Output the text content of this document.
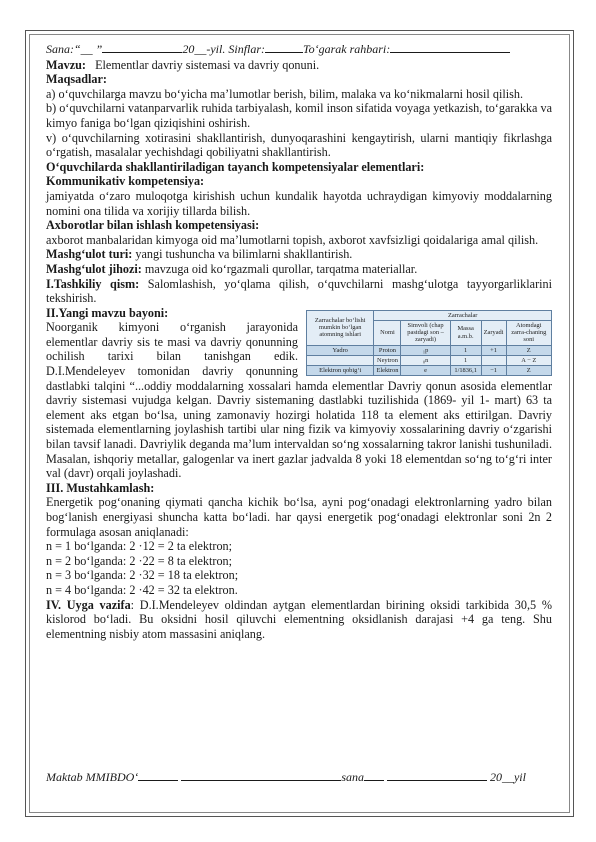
Sana:“__ ”	20__-yil. Sinflar:	To‘garak rahbari:

Mavzu: Elementlar davriy sistemasi va davriy qonuni.

Maqsadlar:

a) o‘quvchilarga mavzu bo‘yicha ma’lumotlar berish, bilim, malaka va ko‘nikmalarni hosil qilish.

b) o‘quvchilarni vatanparvarlik ruhida tarbiyalash, komil inson sifatida voyaga yetkazish, to‘garakka va kimyo faniga bo‘lgan qiziqishini oshirish.

v) o‘quvchilarning xotirasini shakllantirish, dunyoqarashini kengaytirish, ularni mantiqiy fikrlashga o‘rgatish, masalalar yechishdagi qobiliyatni shakllantirish.

O‘quvchilarda shakllantiriladigan tayanch kompetensiyalar elementlari:

Kommunikativ kompetensiya:

jamiyatda o‘zaro muloqotga kirishish uchun kundalik hayotda uchraydigan kimyoviy moddalarning nomini ona tilida va xorijiy tillarda bilish.

Axborotlar bilan ishlash kompetensiyasi:

axborot manbalaridan kimyoga oid ma’lumotlarni topish, axborot xavfsizligi qoidalariga amal qilish.

Mashg‘ulot turi: yangi tushuncha va bilimlarni shakllantirish.

Mashg‘ulot jihozi: mavzuga oid ko‘rgazmali qurollar, tarqatma materiallar.

I.Tashkiliy qism: Salomlashish, yo‘qlama qilish, o‘quvchilarni mashg‘ulotga tayyorgarliklarini tekshirish.

Zarrachalar bo‘lishi mumkin bo‘lgan atomning ishlari	Zarrachalar				
	Nomi	Simvoli (chap pastdagi son – zaryadi)	Massa a.m.b.	Zaryadi	Atomdagi zarra-chaning soni
Yadro	Proton	₁p	1	+1	Z
	Neytron	₀n	1		A − Z
Elektron qobig‘i	Elektron	e	1/1836,1	−1	Z

II.Yangi mavzu bayoni:

Noorganik kimyoni o‘rganish jarayonida elementlar davriy sis te masi va davriy qonunning ochilish tarixi bilan tanishgan edik. D.I.Mendeleyev tomonidan davriy qonunning dastlabki talqini “...oddiy moddalarning xossalari hamda elementlar Davriy qonun asosida elementlar davriy sistemasi vujudga kelgan. Davriy sistemaning dastlabki tuzilishida (1869- yil 1- mart) 63 ta element aks etgan bo‘lsa, uning zamonaviy hozirgi holatida 118 ta element aks ettirilgan. Davriy sistemada elementlarning joylashish tartibi ular ning fizik va kimyoviy xossalarining davriy o‘zgarishi bilan tavsif lanadi. Davriylik deganda ma’lum intervaldan so‘ng xossalarning takror lanishi tushuniladi. Masalan, ishqoriy metallar, galogenlar va inert gazlar jadvalda 8 yoki 18 elementdan so‘ng to‘g‘ri inter val (davr) orqali joylashadi.

III. Mustahkamlash:

Energetik pog‘onaning qiymati qancha kichik bo‘lsa, ayni pog‘onadagi elektronlarning yadro bilan bog‘lanish energiyasi shuncha katta bo‘ladi. har qaysi energetik pog‘onadagi elektronlar soni 2n 2 formulaga asosan aniqlanadi:

n = 1 bo‘lganda: 2 ·12 = 2 ta elektron;

n = 2 bo‘lganda: 2 ·22 = 8 ta elektron;

n = 3 bo‘lganda: 2 ·32 = 18 ta elektron;

n = 4 bo‘lganda: 2 ·42 = 32 ta elektron.

IV. Uyga vazifa: D.I.Mendeleyev oldindan aytgan elementlardan birining oksidi tarkibida 30,5 % kislorod bo‘ladi. Bu oksidni hosil qiluvchi elementning oksidlanish darajasi +4 ga teng. Shu elementning nisbiy atom massasini aniqlang.

Maktab MMIBDO‘	sana	20__yil
